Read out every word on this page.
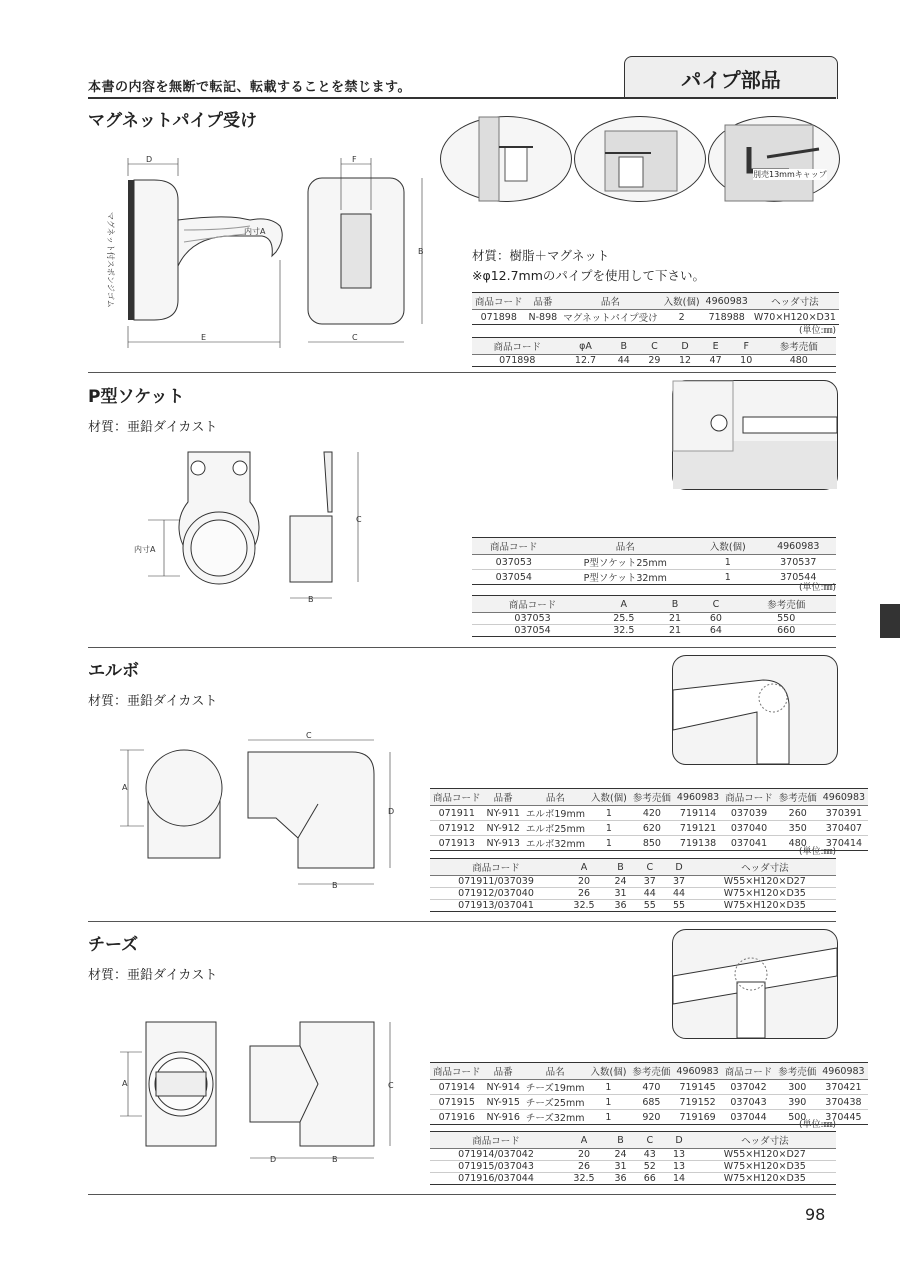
本書の内容を無断で転記、転載することを禁じます。	パイプ部品
マグネットパイプ受け
D
E
内寸A
マグネット付スポンジゴム
F
B
C
別売13mmキャップ
材質：樹脂＋マグネット
※φ12.7mmのパイプを使用して下さい。
商品コード	品番	品名	入数(個)	4960983	ヘッダ寸法
071898	N-898	マグネットパイプ受け	2	718988	W70×H120×D31
(単位:㎜)
商品コード	φA	B	C	D	E	F	参考売価
071898	12.7	44	29	12	47	10	480
P型ソケット
材質：亜鉛ダイカスト
内寸A
C
B
商品コード	品名	入数(個)	4960983
037053	P型ソケット25mm	1	370537
037054	P型ソケット32mm	1	370544
(単位:㎜)
商品コード	A	B	C	参考売価
037053	25.5	21	60	550
037054	32.5	21	64	660
エルボ
材質：亜鉛ダイカスト
A
C
D
B
商品コード	品番	品名	入数(個)	参考売価	4960983	商品コード	参考売価	4960983
071911	NY-911	エルボ19mm	1	420	719114	037039	260	370391
071912	NY-912	エルボ25mm	1	620	719121	037040	350	370407
071913	NY-913	エルボ32mm	1	850	719138	037041	480	370414
(単位:㎜)
商品コード	A	B	C	D	ヘッダ寸法
071911/037039	20	24	37	37	W55×H120×D27
071912/037040	26	31	44	44	W75×H120×D35
071913/037041	32.5	36	55	55	W75×H120×D35
チーズ
材質：亜鉛ダイカスト
A	C
D	B
商品コード	品番	品名	入数(個)	参考売価	4960983	商品コード	参考売価	4960983
071914	NY-914	チーズ19mm	1	470	719145	037042	300	370421
071915	NY-915	チーズ25mm	1	685	719152	037043	390	370438
071916	NY-916	チーズ32mm	1	920	719169	037044	500	370445
(単位:㎜)
商品コード	A	B	C	D	ヘッダ寸法
071914/037042	20	24	43	13	W55×H120×D27
071915/037043	26	31	52	13	W75×H120×D35
071916/037044	32.5	36	66	14	W75×H120×D35
98
